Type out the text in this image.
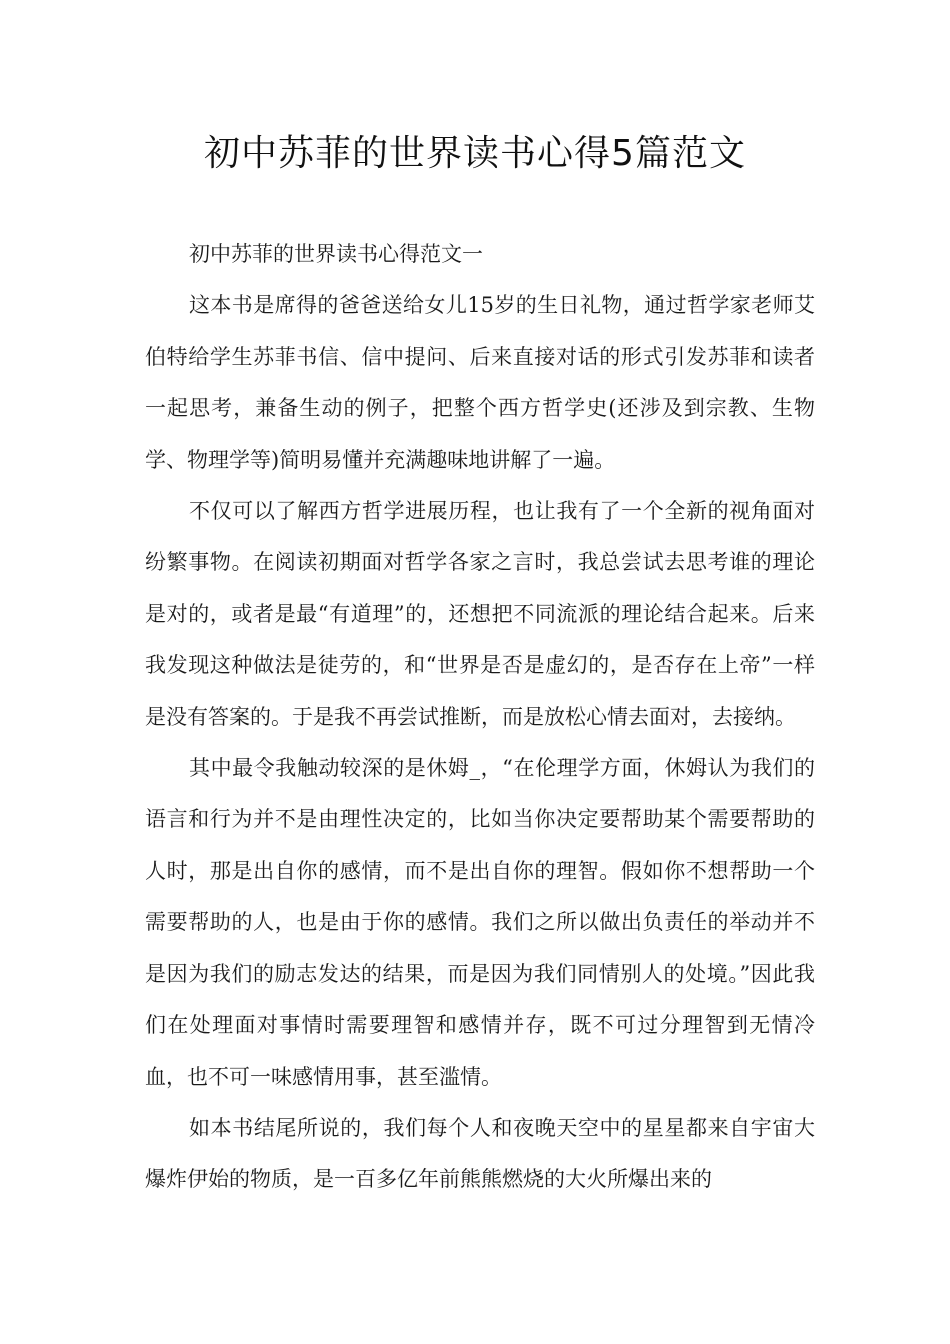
初中苏菲的世界读书心得5篇范文

初中苏菲的世界读书心得范文一

这本书是席得的爸爸送给女儿15岁的生日礼物，通过哲学家老师艾伯特给学生苏菲书信、信中提问、后来直接对话的形式引发苏菲和读者一起思考，兼备生动的例子，把整个西方哲学史(还涉及到宗教、生物学、物理学等)简明易懂并充满趣味地讲解了一遍。

不仅可以了解西方哲学进展历程，也让我有了一个全新的视角面对纷繁事物。在阅读初期面对哲学各家之言时，我总尝试去思考谁的理论是对的，或者是最“有道理”的，还想把不同流派的理论结合起来。后来我发现这种做法是徒劳的，和“世界是否是虚幻的，是否存在上帝”一样是没有答案的。于是我不再尝试推断，而是放松心情去面对，去接纳。

其中最令我触动较深的是休姆_，“在伦理学方面，休姆认为我们的语言和行为并不是由理性决定的，比如当你决定要帮助某个需要帮助的人时，那是出自你的感情，而不是出自你的理智。假如你不想帮助一个需要帮助的人，也是由于你的感情。我们之所以做出负责任的举动并不是因为我们的励志发达的结果，而是因为我们同情别人的处境。”因此我们在处理面对事情时需要理智和感情并存，既不可过分理智到无情冷血，也不可一味感情用事，甚至滥情。

如本书结尾所说的，我们每个人和夜晚天空中的星星都来自宇宙大爆炸伊始的物质，是一百多亿年前熊熊燃烧的大火所爆出来的
